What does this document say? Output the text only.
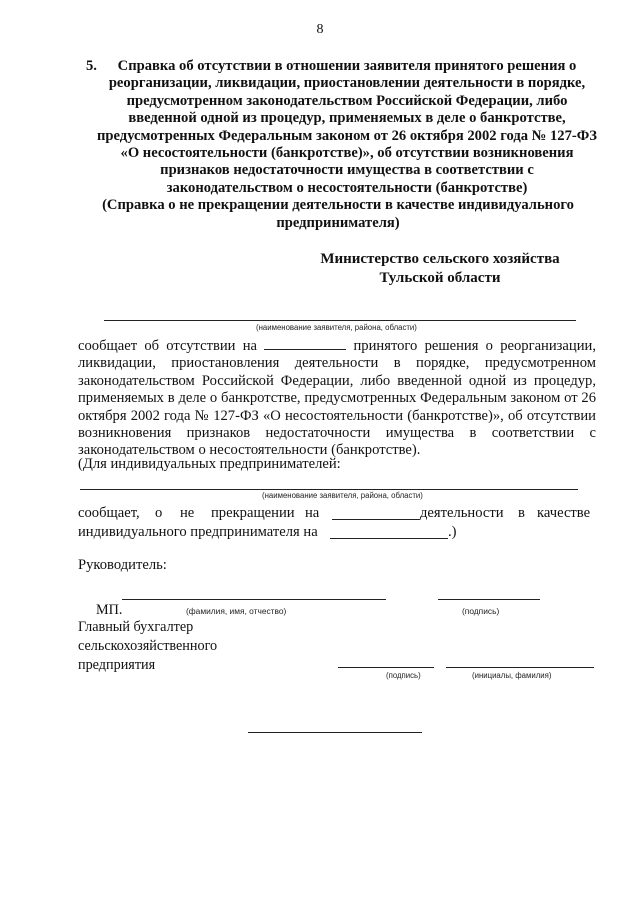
8
5.	Справка об отсутствии в отношении заявителя принятого решения о реорганизации, ликвидации, приостановлении деятельности в порядке, предусмотренном законодательством Российской Федерации, либо введенной одной из процедур, применяемых в деле о банкротстве, предусмотренных Федеральным законом от 26 октября 2002 года № 127-ФЗ «О несостоятельности (банкротстве)», об отсутствии возникновения признаков недостаточности имущества в соответствии с законодательством о несостоятельности (банкротстве)
(Справка о не прекращении деятельности в качестве индивидуального предпринимателя)
Министерство сельского хозяйства
Тульской области
(наименование заявителя, района, области)
сообщает об отсутствии на	принятого решения о реорганизации, ликвидации, приостановления деятельности в порядке, предусмотренном законодательством Российской Федерации, либо введенной одной из процедур, применяемых в деле о банкротстве, предусмотренных Федеральным законом от 26 октября 2002 года № 127-ФЗ «О несостоятельности (банкротстве)», об отсутствии возникновения признаков недостаточности имущества в соответствии с законодательством о несостоятельности (банкротстве).
(Для индивидуальных предпринимателей:
(наименование заявителя, района, области)
сообщает, о не прекращении на	деятельности в качестве
индивидуального предпринимателя на	.)
Руководитель:
МП.	(фамилия, имя, отчество)	(подпись)
Главный бухгалтер
сельскохозяйственного
предприятия
(подпись)	(инициалы, фамилия)
